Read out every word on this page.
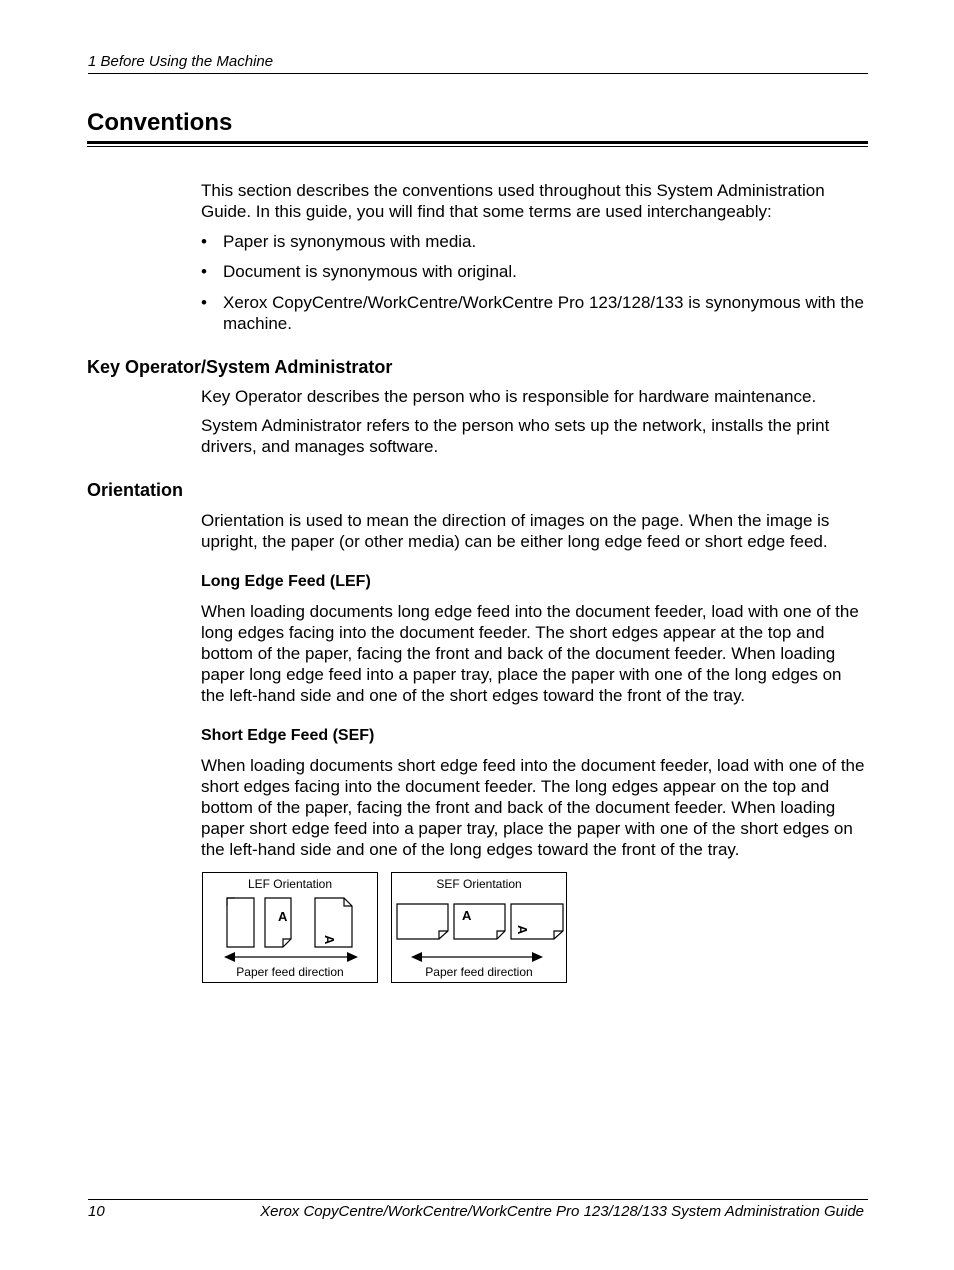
1 Before Using the Machine
Conventions

This section describes the conventions used throughout this System Administration Guide. In this guide, you will find that some terms are used interchangeably:

• Paper is synonymous with media.
• Document is synonymous with original.
• Xerox CopyCentre/WorkCentre/WorkCentre Pro 123/128/133 is synonymous with the machine.
Key Operator/System Administrator

Key Operator describes the person who is responsible for hardware maintenance.

System Administrator refers to the person who sets up the network, installs the print drivers, and manages software.

Orientation

Orientation is used to mean the direction of images on the page. When the image is upright, the paper (or other media) can be either long edge feed or short edge feed.

Long Edge Feed (LEF)

When loading documents long edge feed into the document feeder, load with one of the long edges facing into the document feeder. The short edges appear at the top and bottom of the paper, facing the front and back of the document feeder. When loading paper long edge feed into a paper tray, place the paper with one of the long edges on the left-hand side and one of the short edges toward the front of the tray.

Short Edge Feed (SEF)

When loading documents short edge feed into the document feeder, load with one of the short edges facing into the document feeder. The long edges appear on the top and bottom of the paper, facing the front and back of the document feeder. When loading paper short edge feed into a paper tray, place the paper with one of the short edges on the left-hand side and one of the long edges toward the front of the tray.

A
A
LEF Orientation
Paper feed direction
A
A
SEF Orientation
Paper feed direction
10	Xerox CopyCentre/WorkCentre/WorkCentre Pro 123/128/133 System Administration Guide
